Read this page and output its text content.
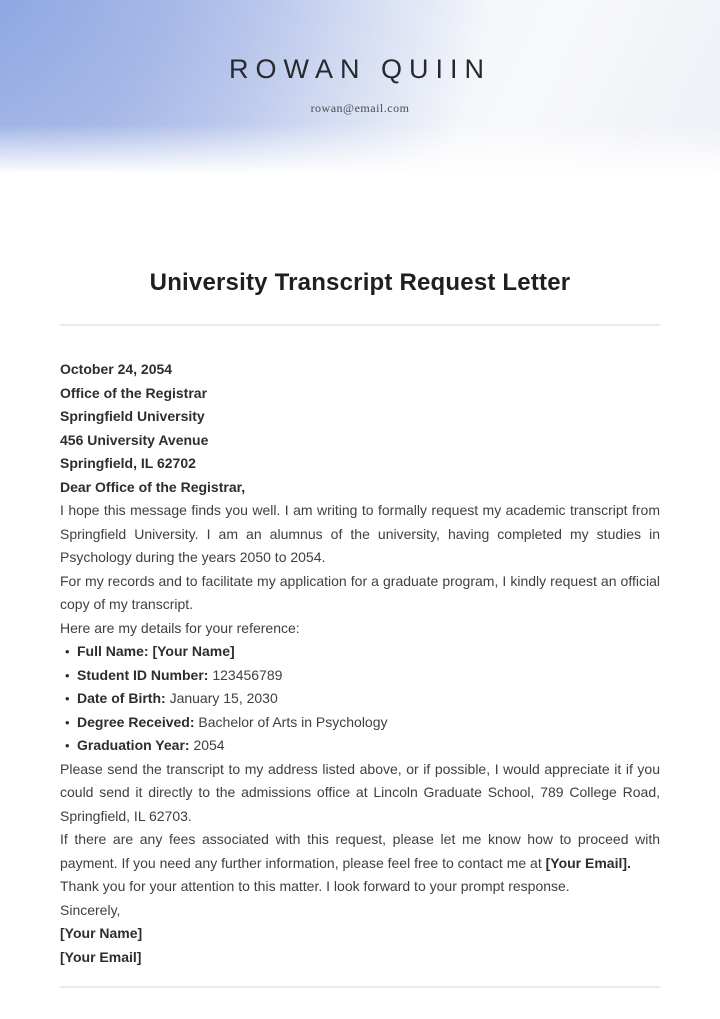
ROWAN QUIIN
rowan@email.com
University Transcript Request Letter

October 24, 2054

Office of the Registrar

Springfield University

456 University Avenue

Springfield, IL 62702

Dear Office of the Registrar,

I hope this message finds you well. I am writing to formally request my academic transcript from Springfield University. I am an alumnus of the university, having completed my studies in Psychology during the years 2050 to 2054.

For my records and to facilitate my application for a graduate program, I kindly request an official copy of my transcript.

Here are my details for your reference:

• Full Name: [Your Name]
• Student ID Number: 123456789
• Date of Birth: January 15, 2030
• Degree Received: Bachelor of Arts in Psychology
• Graduation Year: 2054

Please send the transcript to my address listed above, or if possible, I would appreciate it if you could send it directly to the admissions office at Lincoln Graduate School, 789 College Road, Springfield, IL 62703.

If there are any fees associated with this request, please let me know how to proceed with payment. If you need any further information, please feel free to contact me at [Your Email].

Thank you for your attention to this matter. I look forward to your prompt response.

Sincerely,

[Your Name]

[Your Email]
